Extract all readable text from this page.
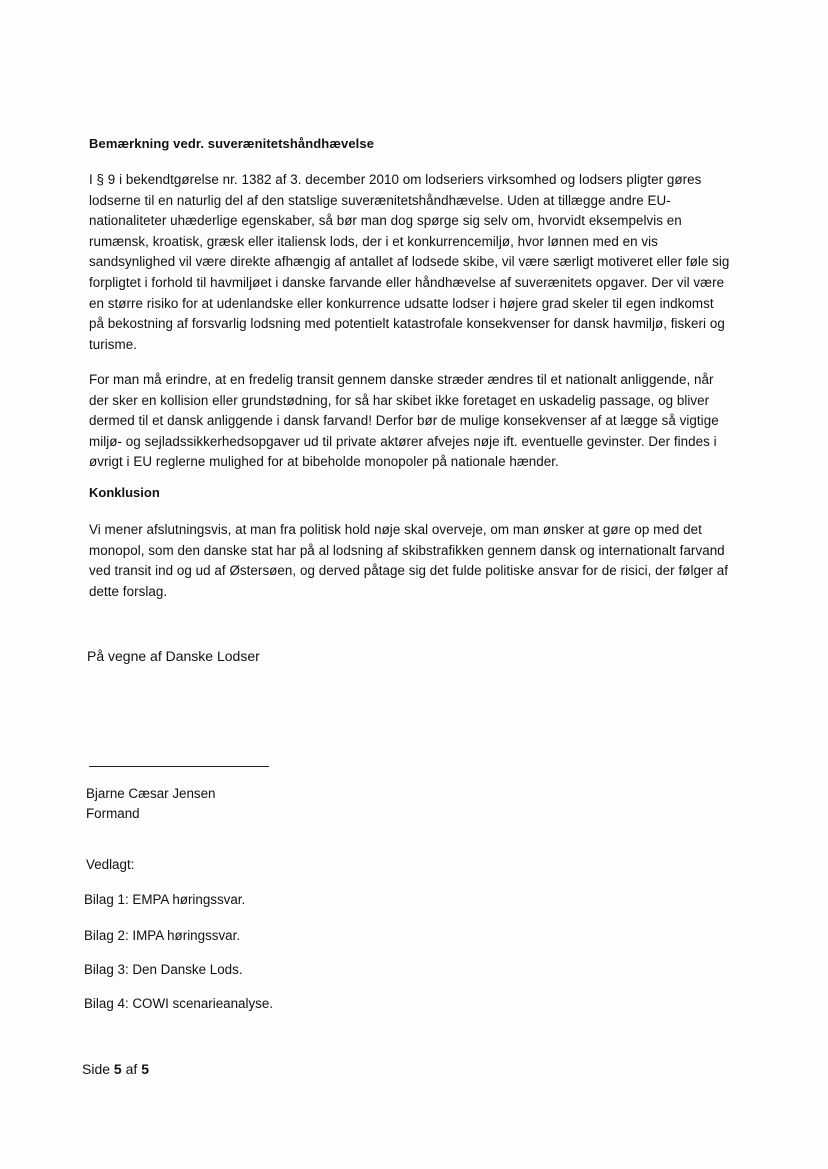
Bemærkning vedr. suverænitetshåndhævelse
I § 9 i bekendtgørelse nr. 1382 af 3. december 2010 om lodseriers virksomhed og lodsers pligter gøres
lodserne til en naturlig del af den statslige suverænitetshåndhævelse. Uden at tillægge andre EU-
nationaliteter uhæderlige egenskaber, så bør man dog spørge sig selv om, hvorvidt eksempelvis en
rumænsk, kroatisk, græsk eller italiensk lods, der i et konkurrencemiljø, hvor lønnen med en vis
sandsynlighed vil være direkte afhængig af antallet af lodsede skibe, vil være særligt motiveret eller føle sig
forpligtet i forhold til havmiljøet i danske farvande eller håndhævelse af suverænitets opgaver. Der vil være
en større risiko for at udenlandske eller konkurrence udsatte lodser i højere grad skeler til egen indkomst
på bekostning af forsvarlig lodsning med potentielt katastrofale konsekvenser for dansk havmiljø, fiskeri og
turisme.
For man må erindre, at en fredelig transit gennem danske stræder ændres til et nationalt anliggende, når
der sker en kollision eller grundstødning, for så har skibet ikke foretaget en uskadelig passage, og bliver
dermed til et dansk anliggende i dansk farvand! Derfor bør de mulige konsekvenser af at lægge så vigtige
miljø- og sejladssikkerhedsopgaver ud til private aktører afvejes nøje ift. eventuelle gevinster. Der findes i
øvrigt i EU reglerne mulighed for at bibeholde monopoler på nationale hænder.
Konklusion
Vi mener afslutningsvis, at man fra politisk hold nøje skal overveje, om man ønsker at gøre op med det
monopol, som den danske stat har på al lodsning af skibstrafikken gennem dansk og internationalt farvand
ved transit ind og ud af Østersøen, og derved påtage sig det fulde politiske ansvar for de risici, der følger af
dette forslag.
På vegne af Danske Lodser
Bjarne Cæsar Jensen
Formand
Vedlagt:
Bilag 1: EMPA høringssvar.
Bilag 2: IMPA høringssvar.
Bilag 3: Den Danske Lods.
Bilag 4: COWI scenarieanalyse.
Side 5 af 5
